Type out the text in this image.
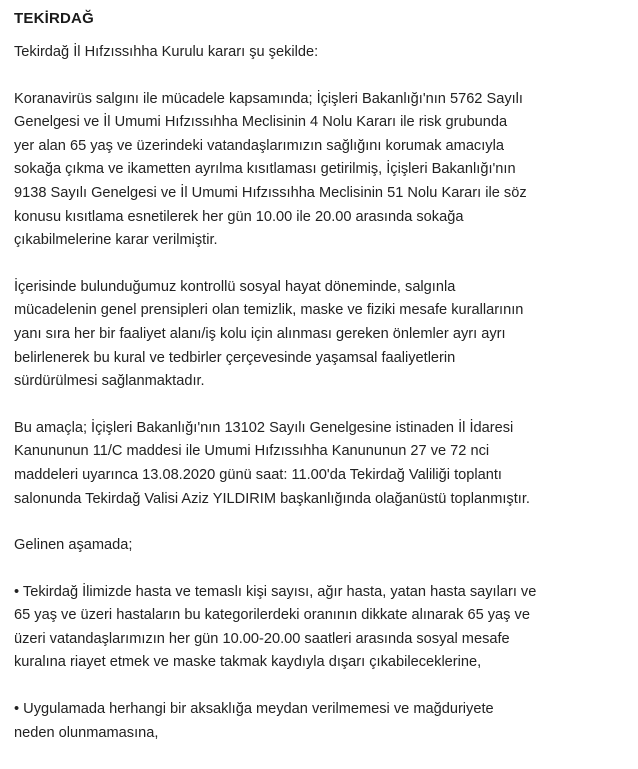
TEKİRDAĞ

Tekirdağ İl Hıfzıssıhha Kurulu kararı şu şekilde:

Koranavirüs salgını ile mücadele kapsamında; İçişleri Bakanlığı'nın 5762 Sayılı
Genelgesi ve İl Umumi Hıfzıssıhha Meclisinin 4 Nolu Kararı ile risk grubunda
yer alan 65 yaş ve üzerindeki vatandaşlarımızın sağlığını korumak amacıyla
sokağa çıkma ve ikametten ayrılma kısıtlaması getirilmiş, İçişleri Bakanlığı'nın
9138 Sayılı Genelgesi ve İl Umumi Hıfzıssıhha Meclisinin 51 Nolu Kararı ile söz
konusu kısıtlama esnetilerek her gün 10.00 ile 20.00 arasında sokağa
çıkabilmelerine karar verilmiştir.

İçerisinde bulunduğumuz kontrollü sosyal hayat döneminde, salgınla
mücadelenin genel prensipleri olan temizlik, maske ve fiziki mesafe kurallarının
yanı sıra her bir faaliyet alanı/iş kolu için alınması gereken önlemler ayrı ayrı
belirlenerek bu kural ve tedbirler çerçevesinde yaşamsal faaliyetlerin
sürdürülmesi sağlanmaktadır.

Bu amaçla; İçişleri Bakanlığı'nın 13102 Sayılı Genelgesine istinaden İl İdaresi
Kanununun 11/C maddesi ile Umumi Hıfzıssıhha Kanununun 27 ve 72 nci
maddeleri uyarınca 13.08.2020 günü saat: 11.00'da Tekirdağ Valiliği toplantı
salonunda Tekirdağ Valisi Aziz YILDIRIM başkanlığında olağanüstü toplanmıştır.

Gelinen aşamada;

• Tekirdağ İlimizde hasta ve temaslı kişi sayısı, ağır hasta, yatan hasta sayıları ve
65 yaş ve üzeri hastaların bu kategorilerdeki oranının dikkate alınarak 65 yaş ve
üzeri vatandaşlarımızın her gün 10.00-20.00 saatleri arasında sosyal mesafe
kuralına riayet etmek ve maske takmak kaydıyla dışarı çıkabileceklerine,

• Uygulamada herhangi bir aksaklığa meydan verilmemesi ve mağduriyete
neden olunmamasına,
